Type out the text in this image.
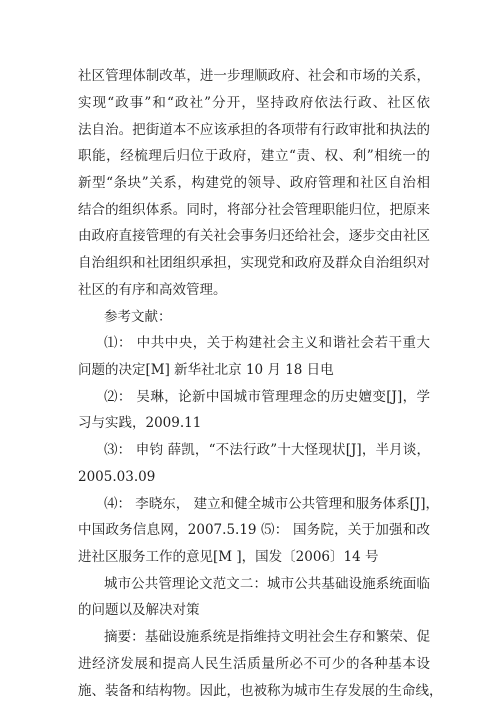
社区管理体制改革，进一步理顺政府、社会和市场的关系，
实现“政事”和“政社”分开，坚持政府依法行政、社区依
法自治。把街道本不应该承担的各项带有行政审批和执法的
职能，经梳理后归位于政府，建立“责、权、利”相统一的
新型“条块”关系，构建党的领导、政府管理和社区自治相
结合的组织体系。同时，将部分社会管理职能归位，把原来
由政府直接管理的有关社会事务归还给社会，逐步交由社区
自治组织和社团组织承担，实现党和政府及群众自治组织对
社区的有序和高效管理。
参考文献：
⑴： 中共中央，关于构建社会主义和谐社会若干重大
问题的决定[M] 新华社北京 10 月 18 日电
⑵： 吴琳，论新中国城市管理理念的历史嬗变[J]，学
习与实践，2009.11
⑶： 申钧 薛凯，“不法行政”十大怪现状[J]，半月谈，
2005.03.09
⑷： 李晓东， 建立和健全城市公共管理和服务体系[J]，
中国政务信息网，2007.5.19 ⑸： 国务院，关于加强和改
进社区服务工作的意见[M ]，国发〔2006〕14 号
城市公共管理论文范文二：城市公共基础设施系统面临
的问题以及解决对策
摘要：基础设施系统是指维持文明社会生存和繁荣、促
进经济发展和提高人民生活质量所必不可少的各种基本设
施、装备和结构物。因此，也被称为城市生存发展的生命线，
